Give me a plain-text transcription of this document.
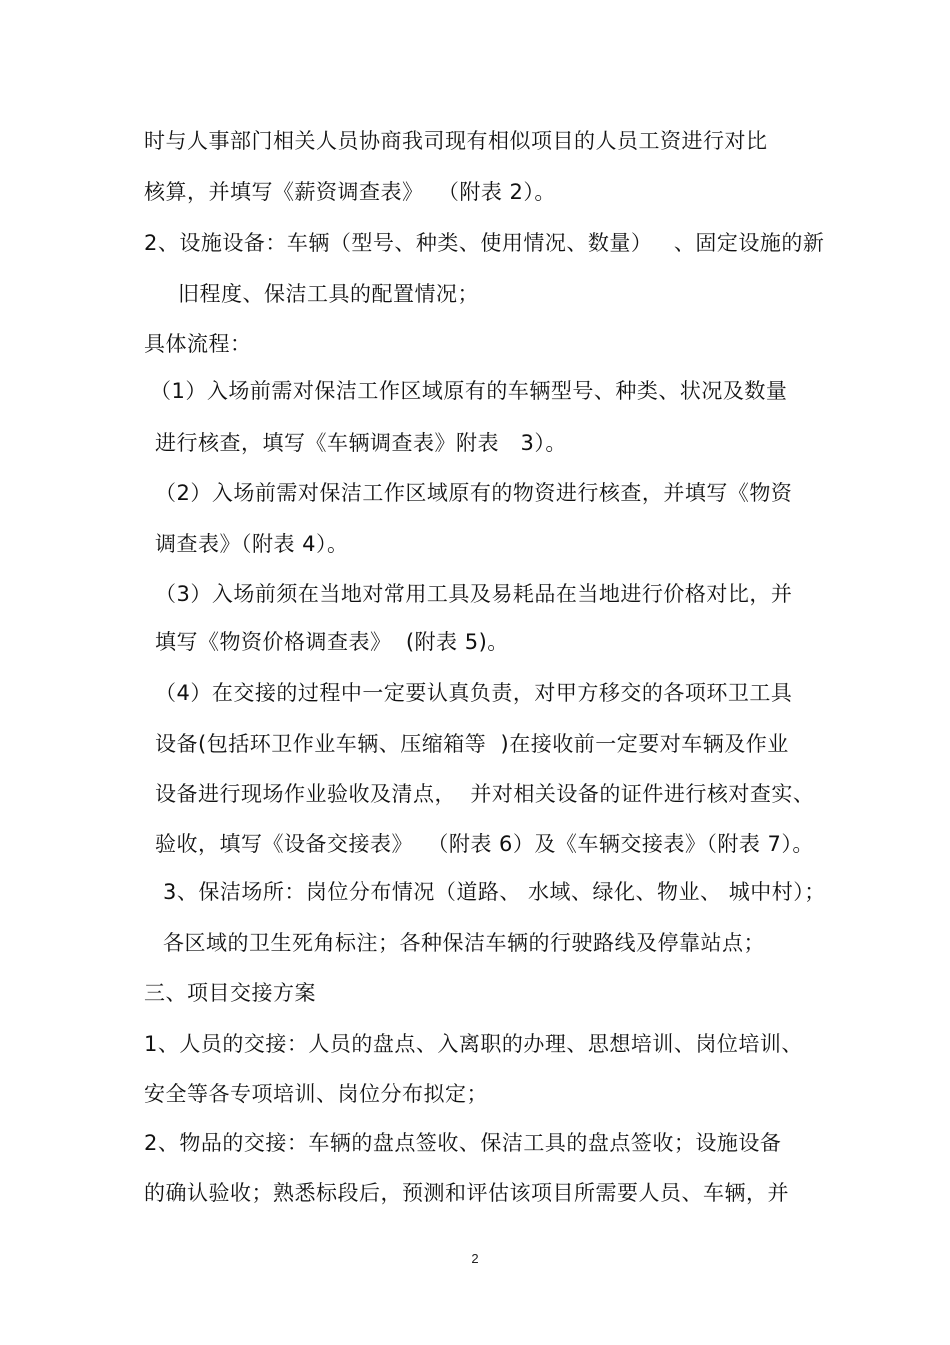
时与人事部门相关人员协商我司现有相似项目的人员工资进行对比
核算，并填写《薪资调查表》  （附表 2）。
2、设施设备：车辆（型号、种类、使用情况、数量）   、固定设施的新
旧程度、保洁工具的配置情况；
具体流程：
（1）入场前需对保洁工作区域原有的车辆型号、种类、状况及数量
进行核查，填写《车辆调查表》附表   3）。
（2）入场前需对保洁工作区域原有的物资进行核查，并填写《物资
调查表》（附表 4）。
（3）入场前须在当地对常用工具及易耗品在当地进行价格对比，并
填写《物资价格调查表》  (附表 5)。
（4）在交接的过程中一定要认真负责，对甲方移交的各项环卫工具
设备(包括环卫作业车辆、压缩箱等  )在接收前一定要对车辆及作业
设备进行现场作业验收及清点，  并对相关设备的证件进行核对查实、
验收，填写《设备交接表》  （附表 6）及《车辆交接表》（附表 7）。
3、保洁场所：岗位分布情况（道路、 水域、绿化、物业、 城中村）；
各区域的卫生死角标注；各种保洁车辆的行驶路线及停靠站点；
三、项目交接方案
1、人员的交接：人员的盘点、入离职的办理、思想培训、岗位培训、
安全等各专项培训、岗位分布拟定；
2、物品的交接：车辆的盘点签收、保洁工具的盘点签收；设施设备
的确认验收；熟悉标段后，预测和评估该项目所需要人员、车辆，并
2
